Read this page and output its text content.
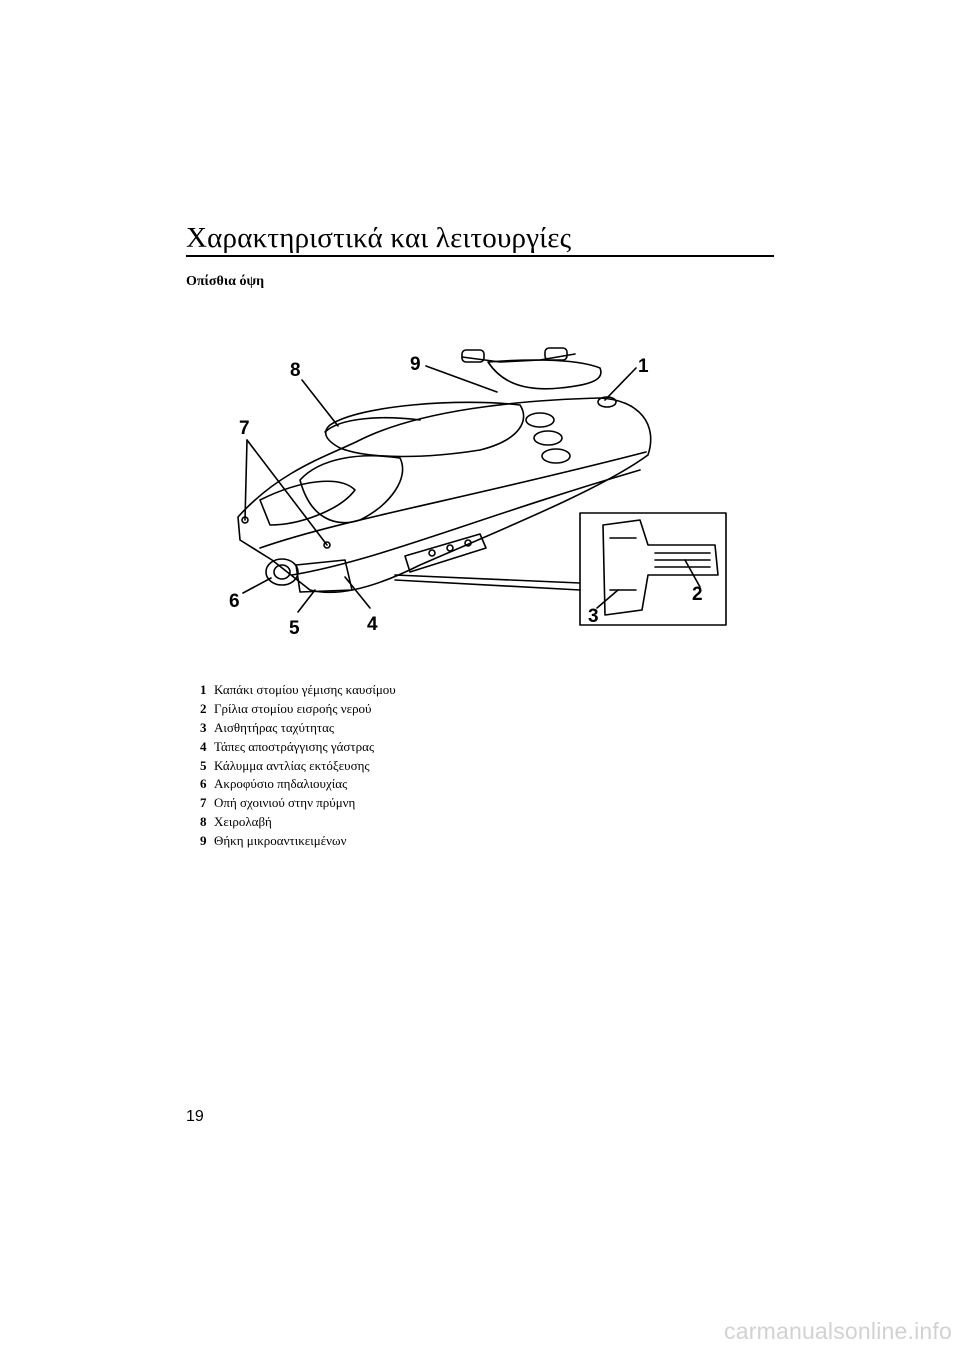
Χαρακτηριστικά και λειτουργίες
Οπίσθια όψη
1
2
3
4
5
6
7
8	9
1 Καπάκι στομίου γέμισης καυσίμου
2 Γρίλια στομίου εισροής νερού
3 Αισθητήρας ταχύτητας
4 Τάπες αποστράγγισης γάστρας
5 Κάλυμμα αντλίας εκτόξευσης
6 Ακροφύσιο πηδαλιουχίας
7 Οπή σχοινιού στην πρύμνη
8 Χειρολαβή
9 Θήκη μικροαντικειμένων
19
carmanualsonline.info
